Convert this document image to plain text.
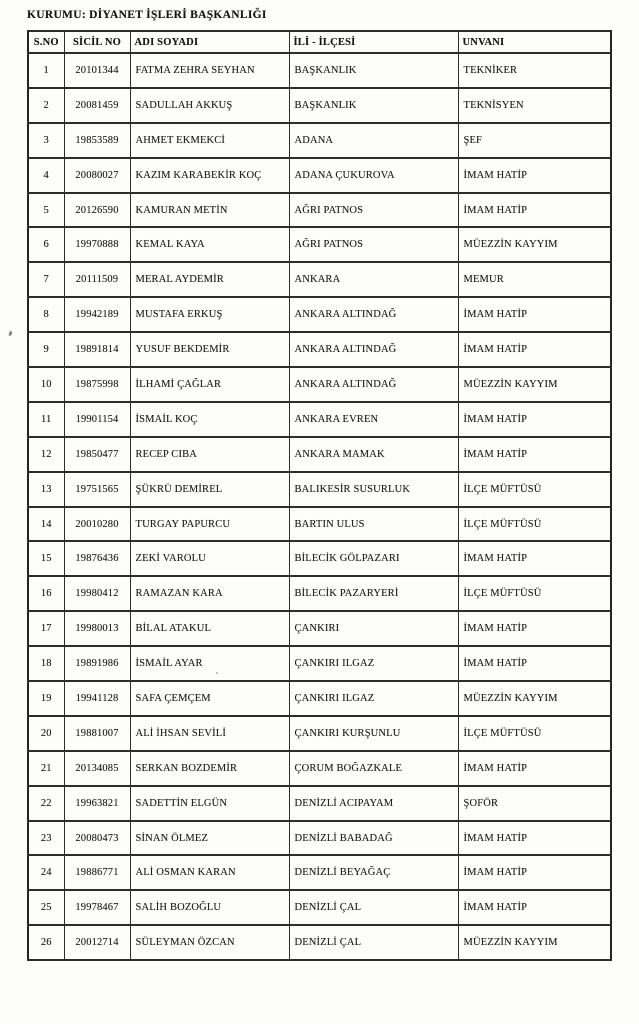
KURUMU: DİYANET İŞLERİ BAŞKANLIĞI
S.NO	SİCİL NO	ADI SOYADI	İLİ - İLÇESİ	UNVANI
1	20101344	FATMA ZEHRA SEYHAN	BAŞKANLIK	TEKNİKER
2	20081459	SADULLAH AKKUŞ	BAŞKANLIK	TEKNİSYEN
3	19853589	AHMET EKMEKCİ	ADANA	ŞEF
4	20080027	KAZIM KARABEKİR KOÇ	ADANA ÇUKUROVA	İMAM HATİP
5	20126590	KAMURAN METİN	AĞRI PATNOS	İMAM HATİP
6	19970888	KEMAL KAYA	AĞRI PATNOS	MÜEZZİN KAYYIM
7	20111509	MERAL AYDEMİR	ANKARA	MEMUR
8	19942189	MUSTAFA ERKUŞ	ANKARA ALTINDAĞ	İMAM HATİP
9	19891814	YUSUF BEKDEMİR	ANKARA ALTINDAĞ	İMAM HATİP
10	19875998	İLHAMİ ÇAĞLAR	ANKARA ALTINDAĞ	MÜEZZİN KAYYIM
11	19901154	İSMAİL KOÇ	ANKARA EVREN	İMAM HATİP
12	19850477	RECEP CIBA	ANKARA MAMAK	İMAM HATİP
13	19751565	ŞÜKRÜ DEMİREL	BALIKESİR SUSURLUK	İLÇE MÜFTÜSÜ
14	20010280	TURGAY PAPURCU	BARTIN ULUS	İLÇE MÜFTÜSÜ
15	19876436	ZEKİ VAROLU	BİLECİK GÖLPAZARI	İMAM HATİP
16	19980412	RAMAZAN KARA	BİLECİK PAZARYERİ	İLÇE MÜFTÜSÜ
17	19980013	BİLAL ATAKUL	ÇANKIRI	İMAM HATİP
18	19891986	İSMAİL AYAR	ÇANKIRI ILGAZ	İMAM HATİP
19	19941128	SAFA ÇEMÇEM	ÇANKIRI ILGAZ	MÜEZZİN KAYYIM
20	19881007	ALİ İHSAN SEVİLİ	ÇANKIRI KURŞUNLU	İLÇE MÜFTÜSÜ
21	20134085	SERKAN BOZDEMİR	ÇORUM BOĞAZKALE	İMAM HATİP
22	19963821	SADETTİN ELGÜN	DENİZLİ ACIPAYAM	ŞOFÖR
23	20080473	SİNAN ÖLMEZ	DENİZLİ BABADAĞ	İMAM HATİP
24	19886771	ALİ OSMAN KARAN	DENİZLİ BEYAĞAÇ	İMAM HATİP
25	19978467	SALİH BOZOĞLU	DENİZLİ ÇAL	İMAM HATİP
26	20012714	SÜLEYMAN ÖZCAN	DENİZLİ ÇAL	MÜEZZİN KAYYIM
